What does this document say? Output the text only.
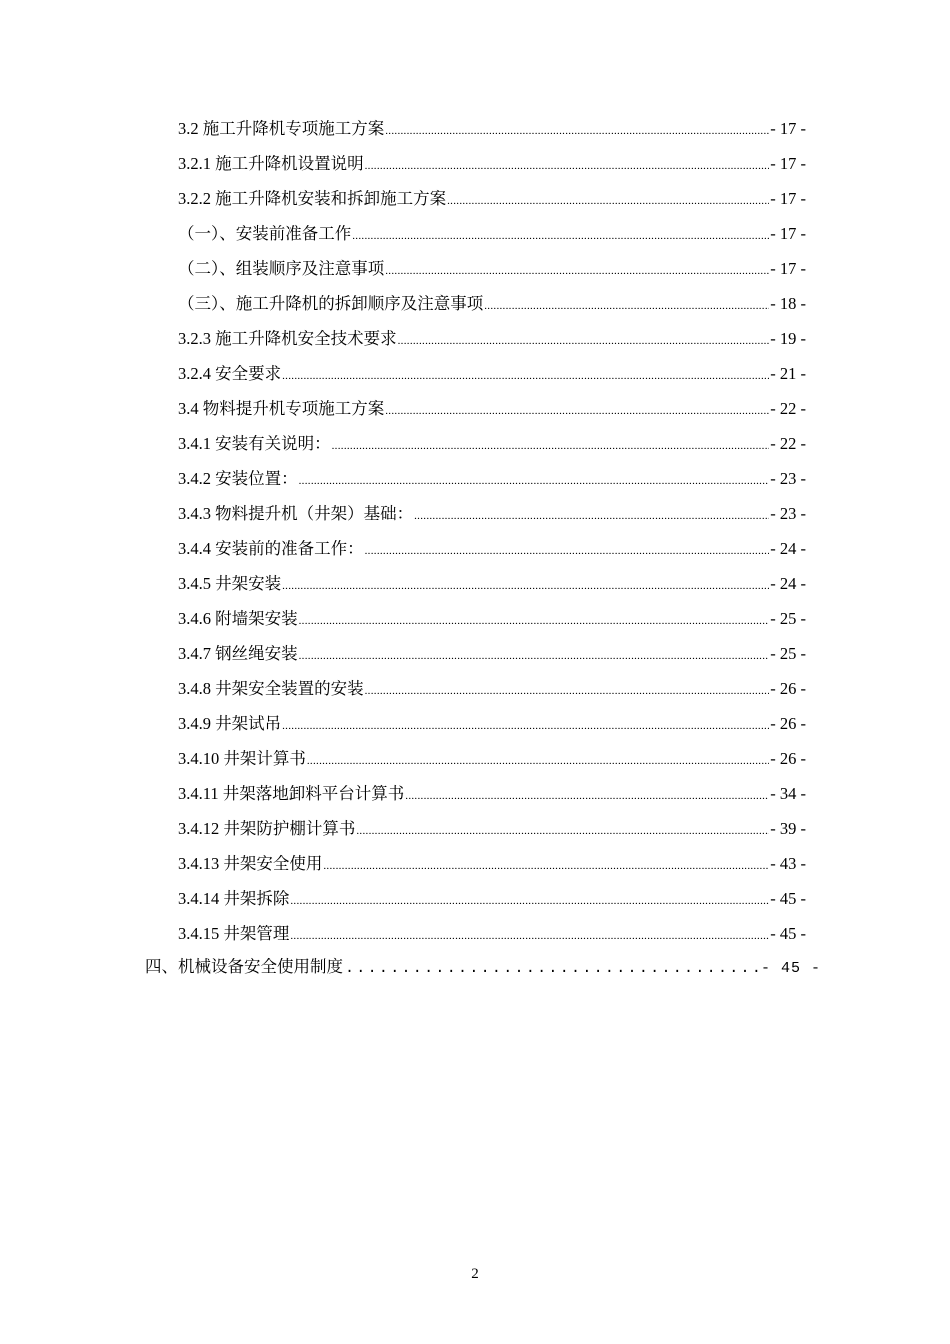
3.2 施工升降机专项施工方案 .....	- 17 -
3.2.1 施工升降机设置说明 .....	- 17 -
3.2.2 施工升降机安装和拆卸施工方案 .....	- 17 -
（一）、安装前准备工作 .....	- 17 -
（二）、组装顺序及注意事项 .....	- 17 -
（三）、施工升降机的拆卸顺序及注意事项 .....	- 18 -
3.2.3 施工升降机安全技术要求 .....	- 19 -
3.2.4 安全要求 .....	- 21 -
3.4 物料提升机专项施工方案 .....	- 22 -
3.4.1 安装有关说明： .....	- 22 -
3.4.2 安装位置： .....	- 23 -
3.4.3 物料提升机（井架）基础： .....	- 23 -
3.4.4 安装前的准备工作： .....	- 24 -
3.4.5 井架安装 .....	- 24 -
3.4.6 附墙架安装 .....	- 25 -
3.4.7 钢丝绳安装 .....	- 25 -
3.4.8 井架安全装置的安装 .....	- 26 -
3.4.9 井架试吊 .....	- 26 -
3.4.10 井架计算书 .....	- 26 -
3.4.11 井架落地卸料平台计算书 .....	- 34 -
3.4.12 井架防护棚计算书 .....	- 39 -
3.4.13 井架安全使用 .....	- 43 -
3.4.14 井架拆除 .....	- 45 -
3.4.15 井架管理 .....	- 45 -
四、机械设备安全使用制度 .....	- 45 -
2
